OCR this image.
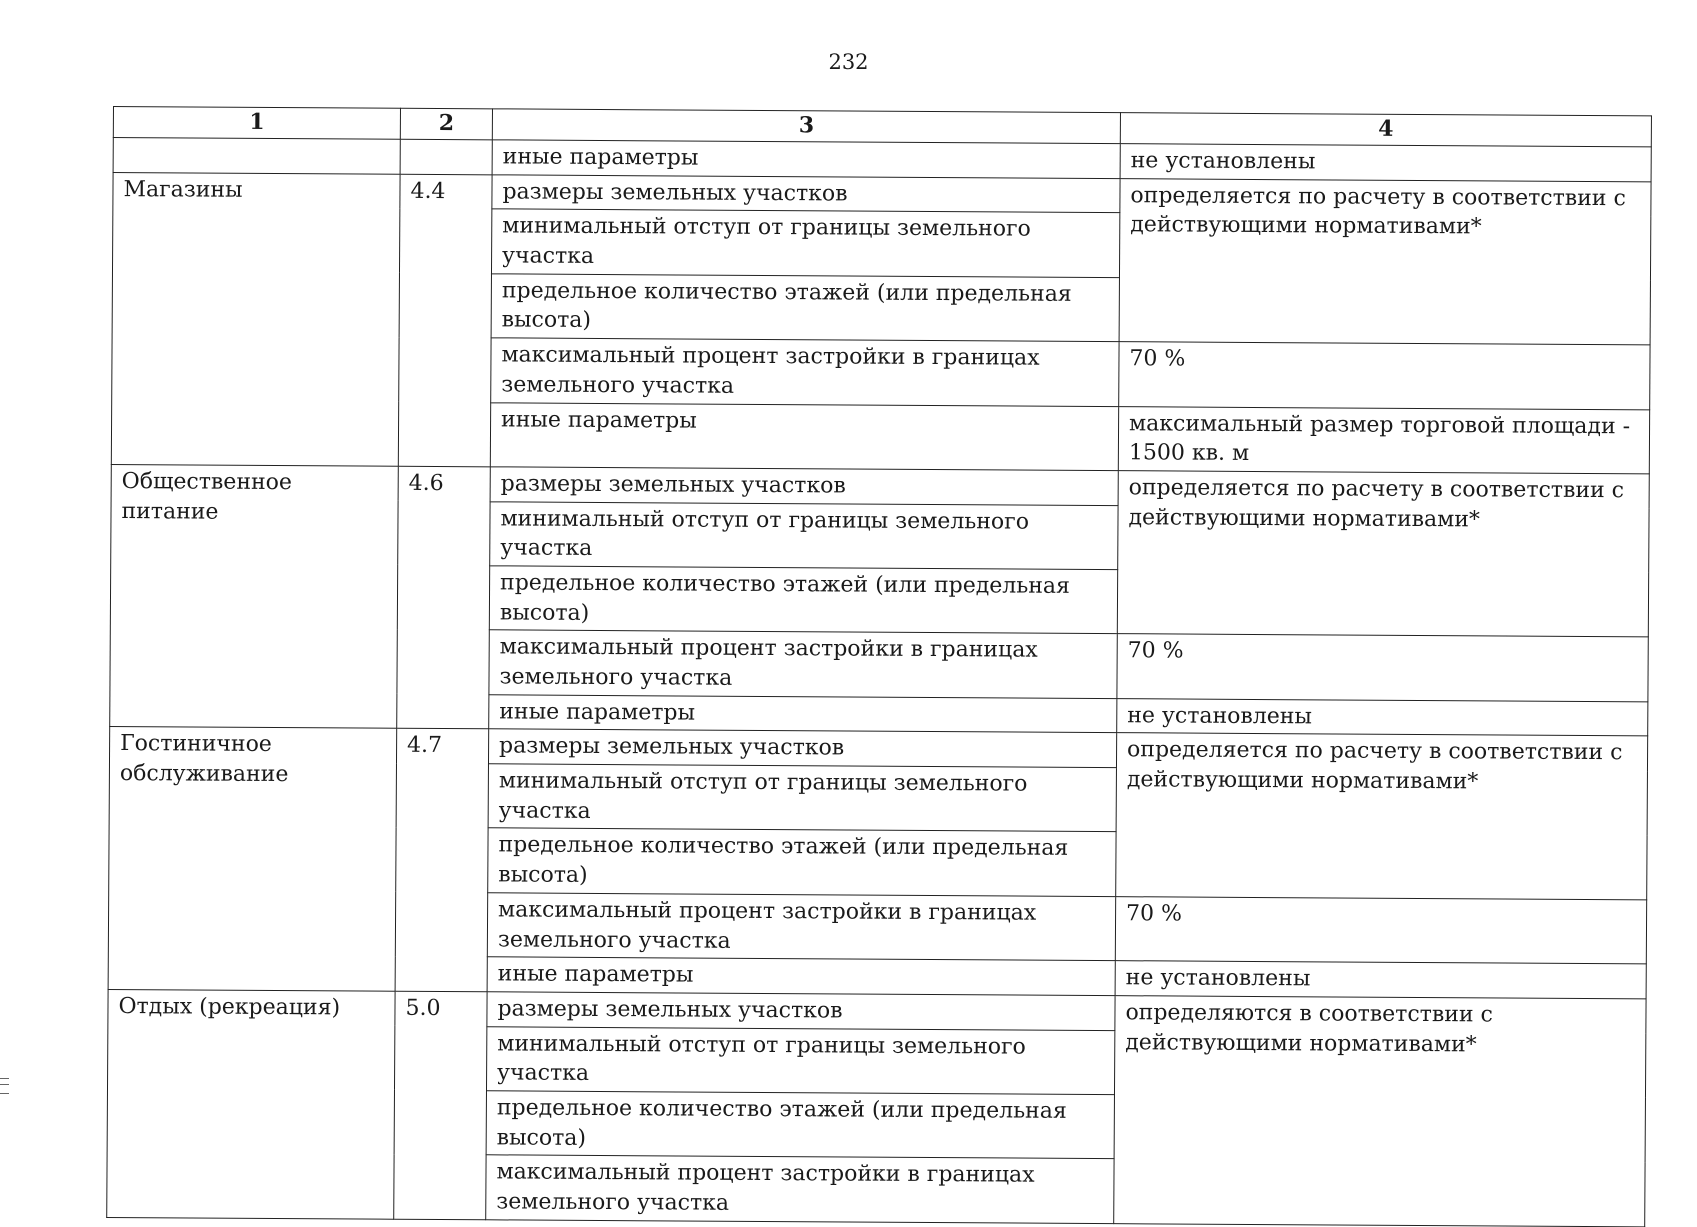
232
1	2	3	4
		иные параметры	не установлены
Магазины	4.4	размеры земельных участков	определяется по расчету в соответствии с действующими нормативами*
		минимальный отступ от границы земельного участка	
		предельное количество этажей (или предельная высота)	
		максимальный процент застройки в границах земельного участка	70 %
		иные параметры	максимальный размер торговой площади - 1500 кв. м
Общественное питание	4.6	размеры земельных участков	определяется по расчету в соответствии с действующими нормативами*
		минимальный отступ от границы земельного участка	
		предельное количество этажей (или предельная высота)	
		максимальный процент застройки в границах земельного участка	70 %
		иные параметры	не установлены
Гостиничное обслуживание	4.7	размеры земельных участков	определяется по расчету в соответствии с действующими нормативами*
		минимальный отступ от границы земельного участка	
		предельное количество этажей (или предельная высота)	
		максимальный процент застройки в границах земельного участка	70 %
		иные параметры	не установлены
Отдых (рекреация)	5.0	размеры земельных участков	определяются в соответствии с действующими нормативами*
		минимальный отступ от границы земельного участка	
		предельное количество этажей (или предельная высота)	
		максимальный процент застройки в границах земельного участка	
